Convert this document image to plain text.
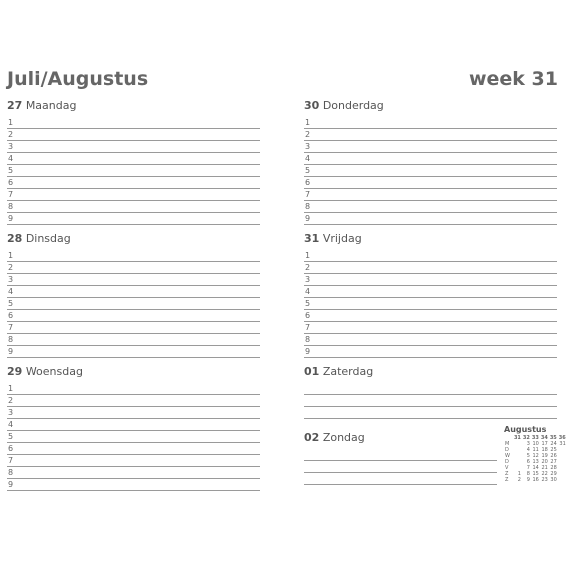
Juli/Augustus	week 31
27 Maandag
1
2
3
4
5
6
7
8
9
28 Dinsdag
1
2
3
4
5
6
7
8
9
29 Woensdag
1
2
3
4
5
6
7
8
9
30 Donderdag
1
2
3
4
5
6
7
8
9
31 Vrijdag
1
2
3
4
5
6
7
8
9
01 Zaterdag
02 Zondag
Augustus
	31	32	33	34	35	36
M		3	10	17	24	31
D		4	11	18	25	
W		5	12	19	26	
D		6	13	20	27	
V		7	14	21	28	
Z	1	8	15	22	29	
Z	2	9	16	23	30	
